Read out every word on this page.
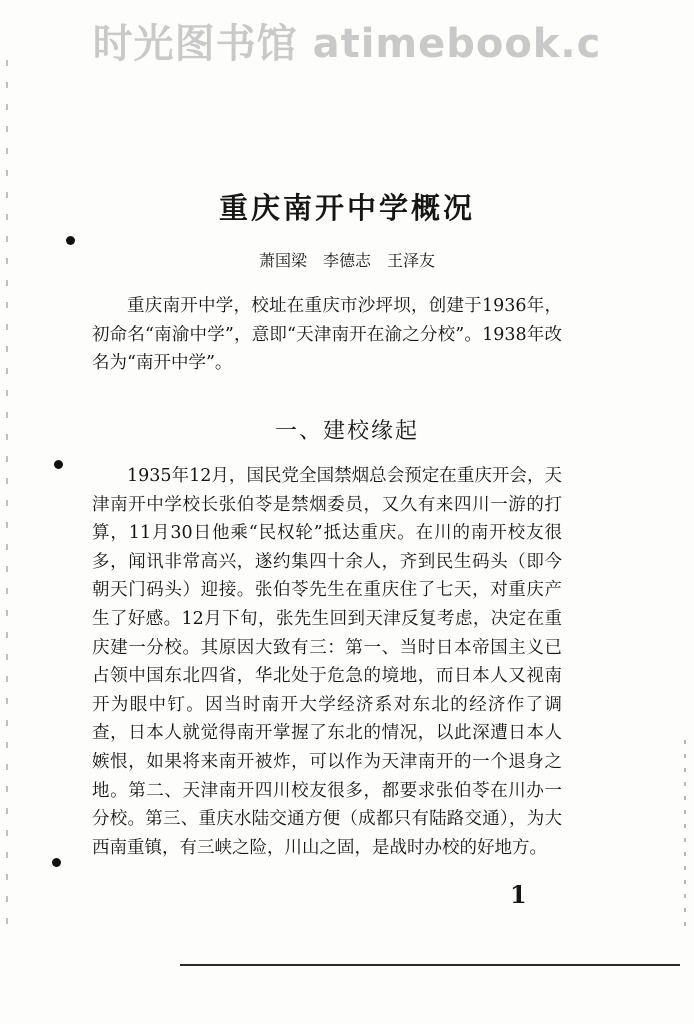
时光图书馆 atimebook.c
重庆南开中学概况
萧国梁　李德志　王泽友
重庆南开中学，校址在重庆市沙坪坝，创建于1936年，初命名“南渝中学”，意即“天津南开在渝之分校”。1938年改名为“南开中学”。
一、建校缘起
1935年12月，国民党全国禁烟总会预定在重庆开会，天津南开中学校长张伯苓是禁烟委员，又久有来四川一游的打算，11月30日他乘“民权轮”抵达重庆。在川的南开校友很多，闻讯非常高兴，遂约集四十余人，齐到民生码头（即今朝天门码头）迎接。张伯苓先生在重庆住了七天，对重庆产生了好感。12月下旬，张先生回到天津反复考虑，决定在重庆建一分校。其原因大致有三：第一、当时日本帝国主义已占领中国东北四省，华北处于危急的境地，而日本人又视南开为眼中钉。因当时南开大学经济系对东北的经济作了调查，日本人就觉得南开掌握了东北的情况，以此深遭日本人嫉恨，如果将来南开被炸，可以作为天津南开的一个退身之地。第二、天津南开四川校友很多，都要求张伯苓在川办一分校。第三、重庆水陆交通方便（成都只有陆路交通），为大西南重镇，有三峡之险，川山之固，是战时办校的好地方。
1
